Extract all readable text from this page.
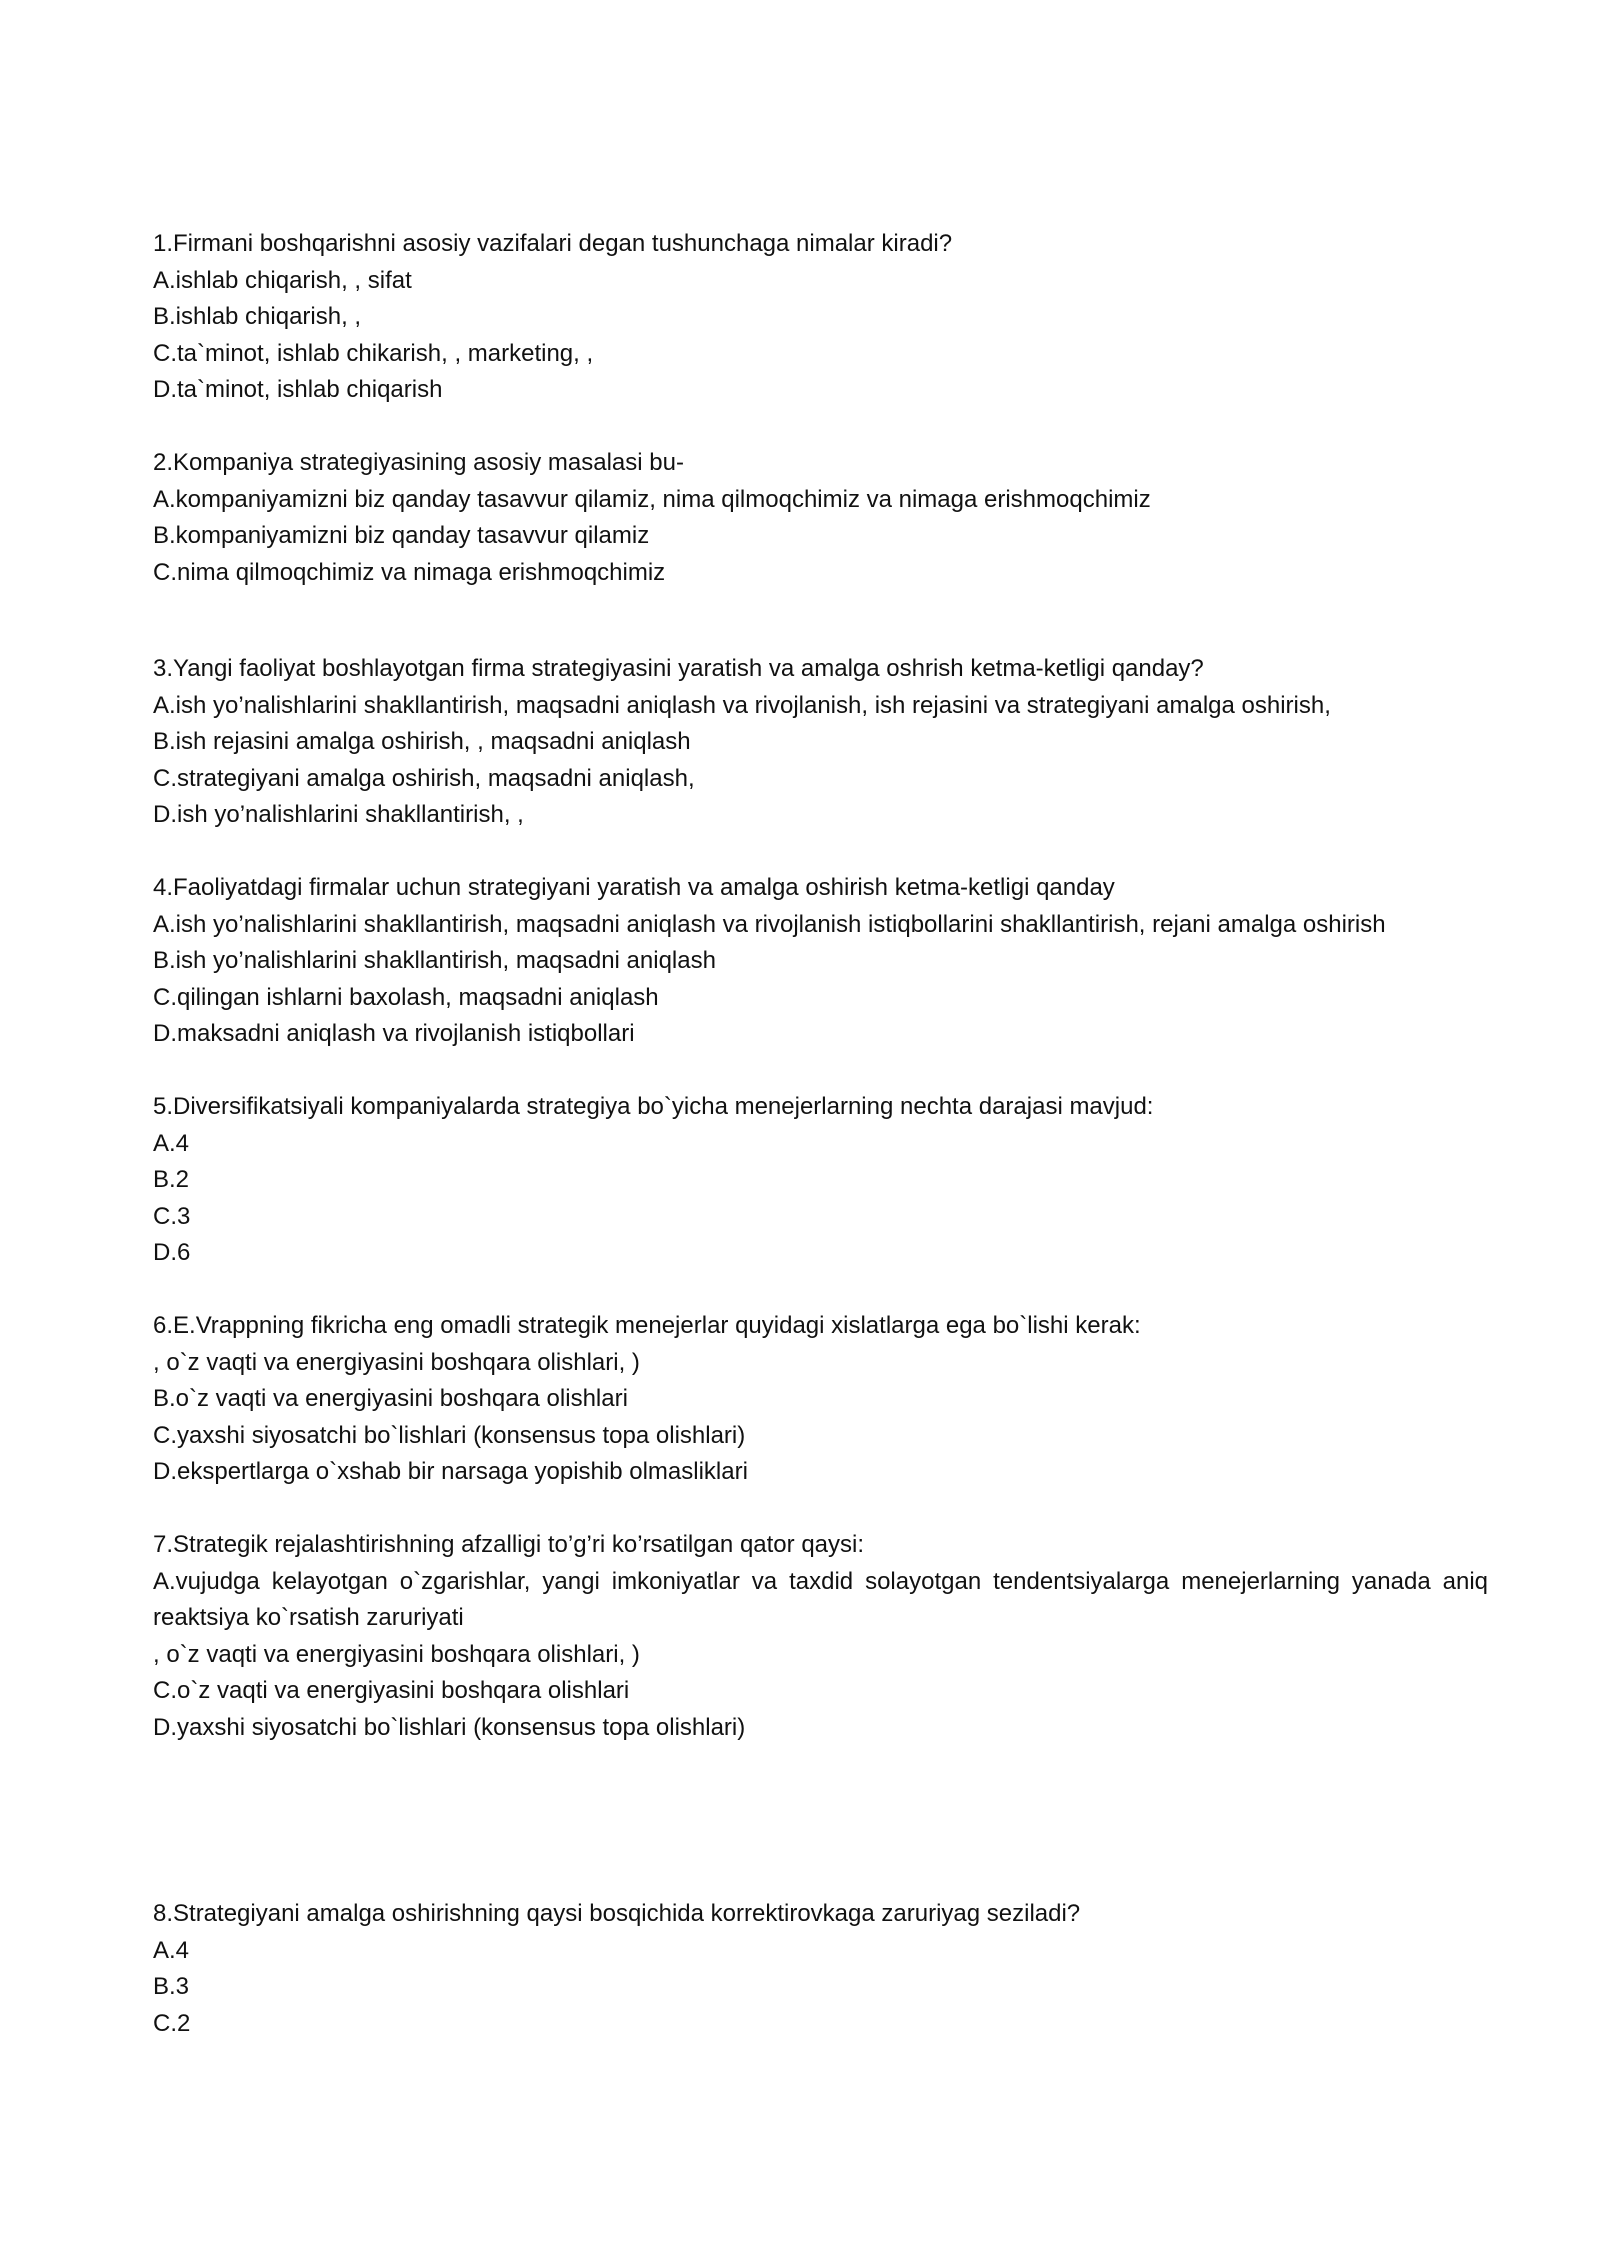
1.Firmani boshqarishni asosiy vazifalari degan tushunchaga nimalar kiradi?

A.ishlab chiqarish, , sifat

B.ishlab chiqarish, ,

C.ta`minot, ishlab chikarish, , marketing, ,

D.ta`minot, ishlab chiqarish

2.Kompaniya strategiyasining asosiy masalasi bu-

A.kompaniyamizni biz qanday tasavvur qilamiz, nima qilmoqchimiz va nimaga erishmoqchimiz

B.kompaniyamizni biz qanday tasavvur qilamiz

C.nima qilmoqchimiz va nimaga erishmoqchimiz

3.Yangi faoliyat boshlayotgan firma strategiyasini yaratish va amalga oshrish ketma-ketligi qanday?

A.ish yo’nalishlarini shakllantirish, maqsadni aniqlash va rivojlanish, ish rejasini va strategiyani amalga oshirish,

B.ish rejasini amalga oshirish, , maqsadni aniqlash

C.strategiyani amalga oshirish, maqsadni aniqlash,

D.ish yo’nalishlarini shakllantirish, ,

4.Faoliyatdagi firmalar uchun strategiyani yaratish va amalga oshirish ketma-ketligi qanday

A.ish yo’nalishlarini shakllantirish, maqsadni aniqlash va rivojlanish istiqbollarini shakllantirish, rejani amalga oshirish

B.ish yo’nalishlarini shakllantirish, maqsadni aniqlash

C.qilingan ishlarni baxolash, maqsadni aniqlash

D.maksadni aniqlash va rivojlanish istiqbollari

5.Diversifikatsiyali kompaniyalarda strategiya bo`yicha menejerlarning nechta darajasi mavjud:

A.4

B.2

C.3

D.6

6.E.Vrappning fikricha eng omadli strategik menejerlar quyidagi xislatlarga ega bo`lishi kerak:

, o`z vaqti va energiyasini boshqara olishlari, )

B.o`z vaqti va energiyasini boshqara olishlari

C.yaxshi siyosatchi bo`lishlari (konsensus topa olishlari)

D.ekspertlarga o`xshab bir narsaga yopishib olmasliklari

7.Strategik rejalashtirishning afzalligi to’g’ri ko’rsatilgan qator qaysi:

A.vujudga kelayotgan o`zgarishlar, yangi imkoniyatlar va taxdid solayotgan tendentsiyalarga menejerlarning yanada aniq reaktsiya ko`rsatish zaruriyati

, o`z vaqti va energiyasini boshqara olishlari, )

C.o`z vaqti va energiyasini boshqara olishlari

D.yaxshi siyosatchi bo`lishlari (konsensus topa olishlari)

8.Strategiyani amalga oshirishning qaysi bosqichida korrektirovkaga zaruriyag seziladi?

A.4

B.3

C.2
